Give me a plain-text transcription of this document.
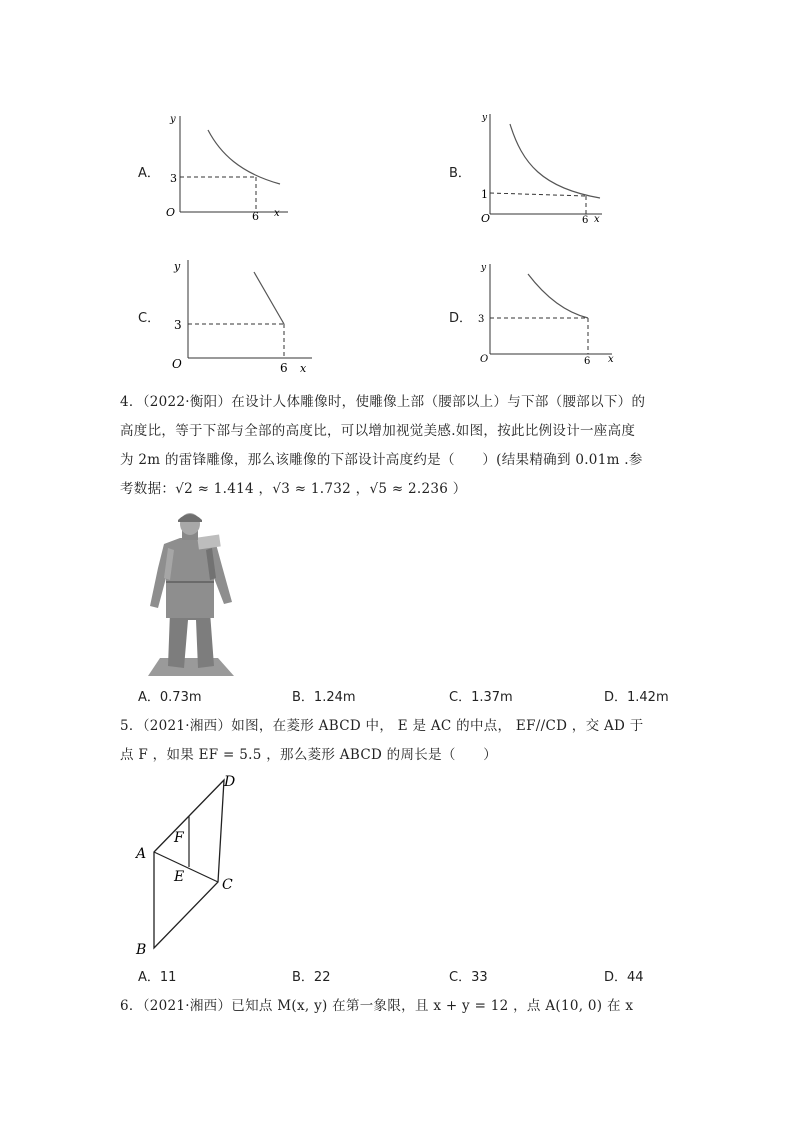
A．
y
x
O
3
6
B．
y
x
O
1
6
C．
y
x
O
3
6
D．
y
x
O
3
6
4．（2022·衡阳）在设计人体雕像时，使雕像上部（腰部以上）与下部（腰部以下）的
高度比，等于下部与全部的高度比，可以增加视觉美感.如图，按此比例设计一座高度
为 2m 的雷锋雕像，那么该雕像的下部设计高度约是（　　）(结果精确到 0.01m .参
考数据：√2 ≈ 1.414 ，√3 ≈ 1.732 ，√5 ≈ 2.236 ）
A．0.73m	B．1.24m	C．1.37m	D．1.42m
5．（2021·湘西）如图，在菱形 ABCD 中， E 是 AC 的中点， EF//CD ，交 AD 于
点 F ，如果 EF = 5.5 ，那么菱形 ABCD 的周长是（　　）
A
D
C
B
F
E
A．11	B．22	C．33	D．44
6．（2021·湘西）已知点 M(x, y) 在第一象限，且 x + y = 12 ，点 A(10, 0) 在 x
